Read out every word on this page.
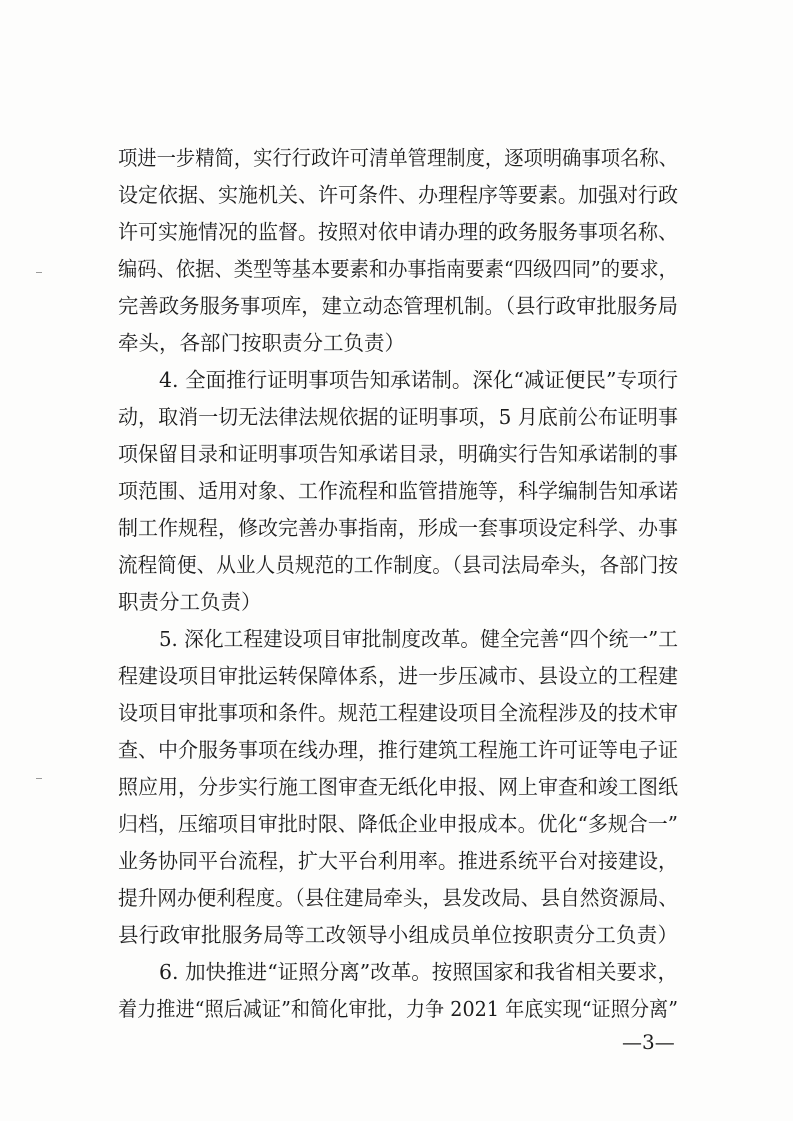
项进一步精简，实行行政许可清单管理制度，逐项明确事项名称、
设定依据、实施机关、许可条件、办理程序等要素。加强对行政
许可实施情况的监督。按照对依申请办理的政务服务事项名称、
编码、依据、类型等基本要素和办事指南要素“四级四同”的要求，
完善政务服务事项库，建立动态管理机制。（县行政审批服务局
牵头，各部门按职责分工负责）
4. 全面推行证明事项告知承诺制。深化“减证便民”专项行
动，取消一切无法律法规依据的证明事项，5 月底前公布证明事
项保留目录和证明事项告知承诺目录，明确实行告知承诺制的事
项范围、适用对象、工作流程和监管措施等，科学编制告知承诺
制工作规程，修改完善办事指南，形成一套事项设定科学、办事
流程简便、从业人员规范的工作制度。（县司法局牵头，各部门按
职责分工负责）
5. 深化工程建设项目审批制度改革。健全完善“四个统一”工
程建设项目审批运转保障体系，进一步压减市、县设立的工程建
设项目审批事项和条件。规范工程建设项目全流程涉及的技术审
查、中介服务事项在线办理，推行建筑工程施工许可证等电子证
照应用，分步实行施工图审查无纸化申报、网上审查和竣工图纸
归档，压缩项目审批时限、降低企业申报成本。优化“多规合一”
业务协同平台流程，扩大平台利用率。推进系统平台对接建设，
提升网办便利程度。（县住建局牵头，县发改局、县自然资源局、
县行政审批服务局等工改领导小组成员单位按职责分工负责）
6. 加快推进“证照分离”改革。按照国家和我省相关要求，
着力推进“照后减证”和简化审批，力争 2021 年底实现“证照分离”
—3—
